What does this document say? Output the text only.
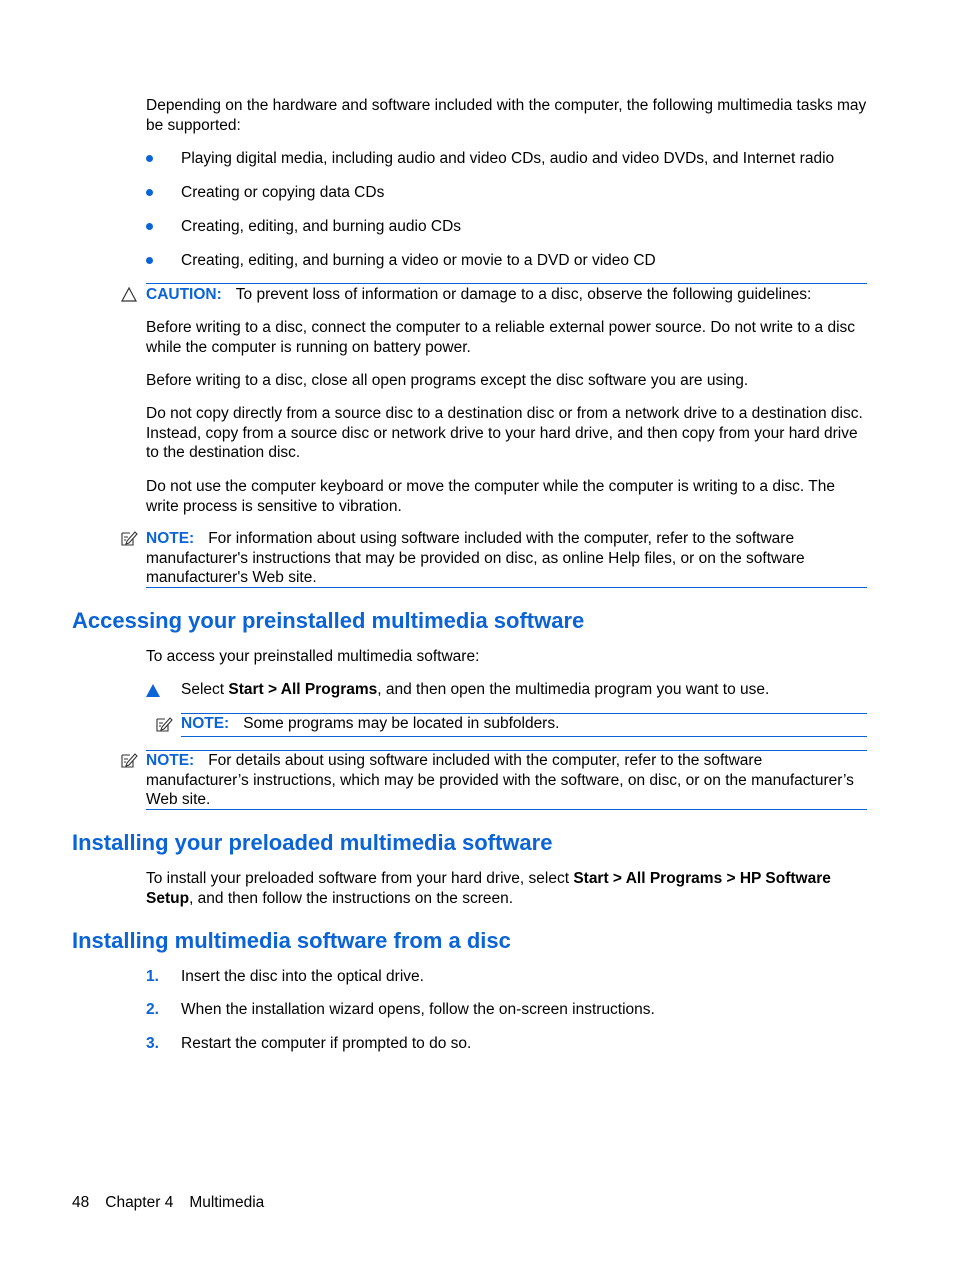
Depending on the hardware and software included with the computer, the following multimedia tasks may be supported:

Playing digital media, including audio and video CDs, audio and video DVDs, and Internet radio

Creating or copying data CDs

Creating, editing, and burning audio CDs

Creating, editing, and burning a video or movie to a DVD or video CD

CAUTION: To prevent loss of information or damage to a disc, observe the following guidelines:

Before writing to a disc, connect the computer to a reliable external power source. Do not write to a disc while the computer is running on battery power.

Before writing to a disc, close all open programs except the disc software you are using.

Do not copy directly from a source disc to a destination disc or from a network drive to a destination disc. Instead, copy from a source disc or network drive to your hard drive, and then copy from your hard drive to the destination disc.

Do not use the computer keyboard or move the computer while the computer is writing to a disc. The write process is sensitive to vibration.

NOTE: For information about using software included with the computer, refer to the software manufacturer's instructions that may be provided on disc, as online Help files, or on the software manufacturer's Web site.

Accessing your preinstalled multimedia software

To access your preinstalled multimedia software:

Select Start > All Programs, and then open the multimedia program you want to use.

NOTE: Some programs may be located in subfolders.

NOTE: For details about using software included with the computer, refer to the software manufacturer’s instructions, which may be provided with the software, on disc, or on the manufacturer’s Web site.

Installing your preloaded multimedia software

To install your preloaded software from your hard drive, select Start > All Programs > HP Software Setup, and then follow the instructions on the screen.

Installing multimedia software from a disc
1. Insert the disc into the optical drive.

2. When the installation wizard opens, follow the on-screen instructions.

3. Restart the computer if prompted to do so.

48 Chapter 4 Multimedia
